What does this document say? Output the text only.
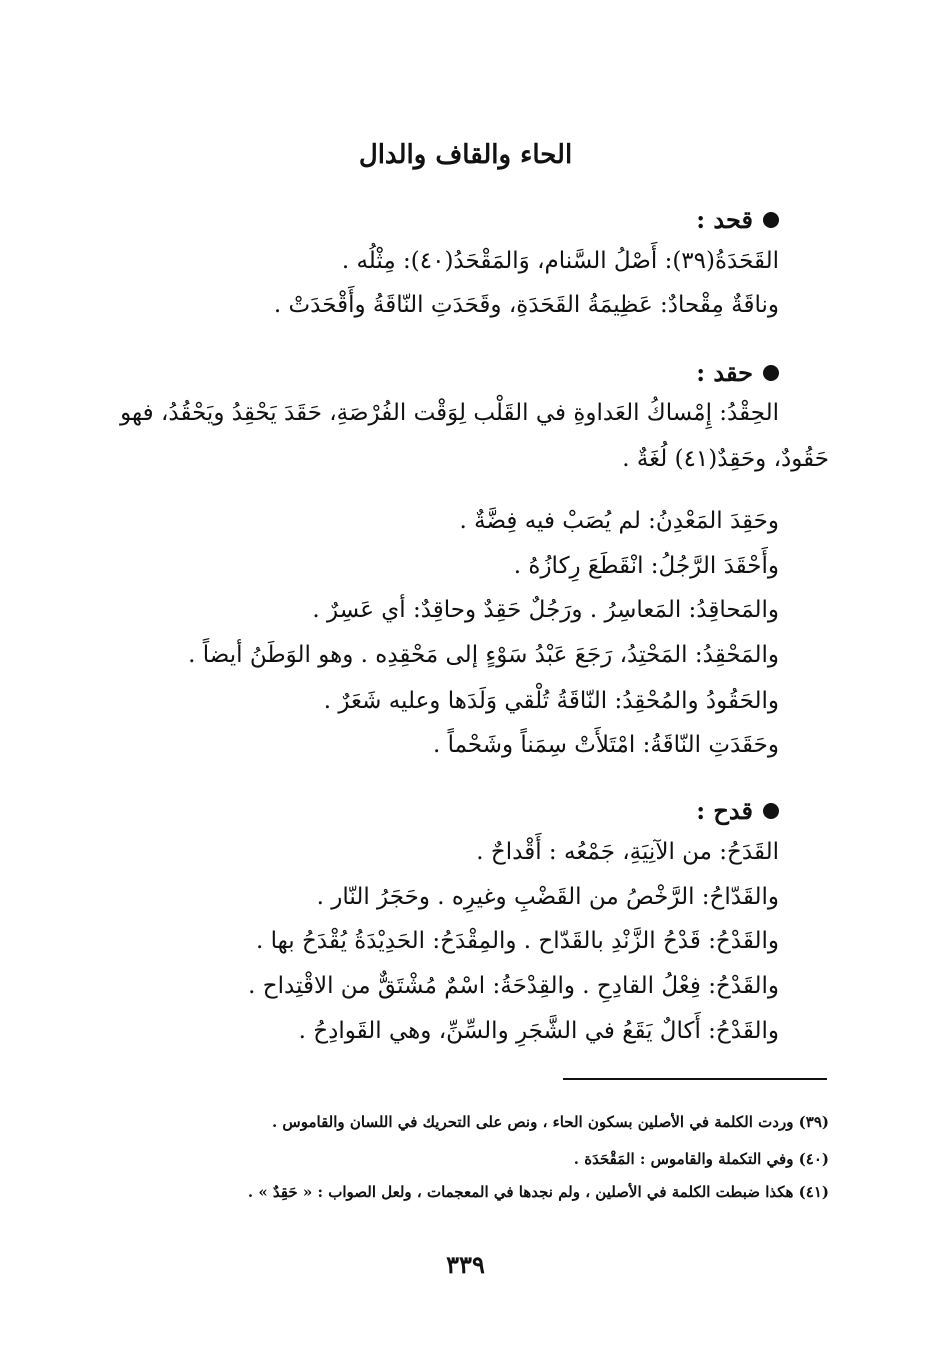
الحاء والقاف والدال
قحد :
القَحَدَةُ(٣٩): أَصْلُ السَّنام، وَالمَقْحَدُ(٤٠): مِثْلُه .
وناقَةٌ مِقْحادٌ: عَظِيمَةُ القَحَدَةِ، وقَحَدَتِ النّاقَةُ وأَقْحَدَتْ .
حقد :
الحِقْدُ: إِمْساكُ العَداوةِ في القَلْب لِوَقْت الفُرْصَةِ، حَقَدَ يَحْقِدُ ويَحْقُدُ، فهو
حَقُودٌ، وحَقِدٌ(٤١) لُغَةٌ .
وحَقِدَ المَعْدِنُ: لم يُصَبْ فيه فِضَّةٌ .
وأَحْقَدَ الرَّجُلُ: انْقَطَعَ رِكازُهُ .
والمَحاقِدُ: المَعاسِرُ . ورَجُلٌ حَقِدٌ وحاقِدٌ: أي عَسِرٌ .
والمَحْقِدُ: المَحْتِدُ، رَجَعَ عَبْدُ سَوْءٍ إلى مَحْقِدِه . وهو الوَطَنُ أيضاً .
والحَقُودُ والمُحْقِدُ: النّاقَةُ تُلْقي وَلَدَها وعليه شَعَرٌ .
وحَقَدَتِ النّاقَةُ: امْتَلأَتْ سِمَناً وشَحْماً .
قدح :
القَدَحُ: من الآنِيَةِ، جَمْعُه : أَقْداحٌ .
والقَدّاحُ: الرَّخْصُ من القَضْبِ وغيرِه . وحَجَرُ النّار .
والقَدْحُ: قَدْحُ الزَّنْدِ بالقَدّاح . والمِقْدَحُ: الحَدِيْدَةُ يُقْدَحُ بها .
والقَدْحُ: فِعْلُ القادِحِ . والقِدْحَةُ: اسْمٌ مُشْتَقٌّ من الاقْتِداح .
والقَدْحُ: أَكالٌ يَقَعُ في الشَّجَرِ والسِّنِّ، وهي القَوادِحُ .
(٣٩) وردت الكلمة في الأصلين بسكون الحاء ، ونص على التحريك في اللسان والقاموس .
(٤٠) وفي التكملة والقاموس : المَقْحَدَة .
(٤١) هكذا ضبطت الكلمة في الأصلين ، ولم نجدها في المعجمات ، ولعل الصواب : « حَقِدٌ » .
٣٣٩
